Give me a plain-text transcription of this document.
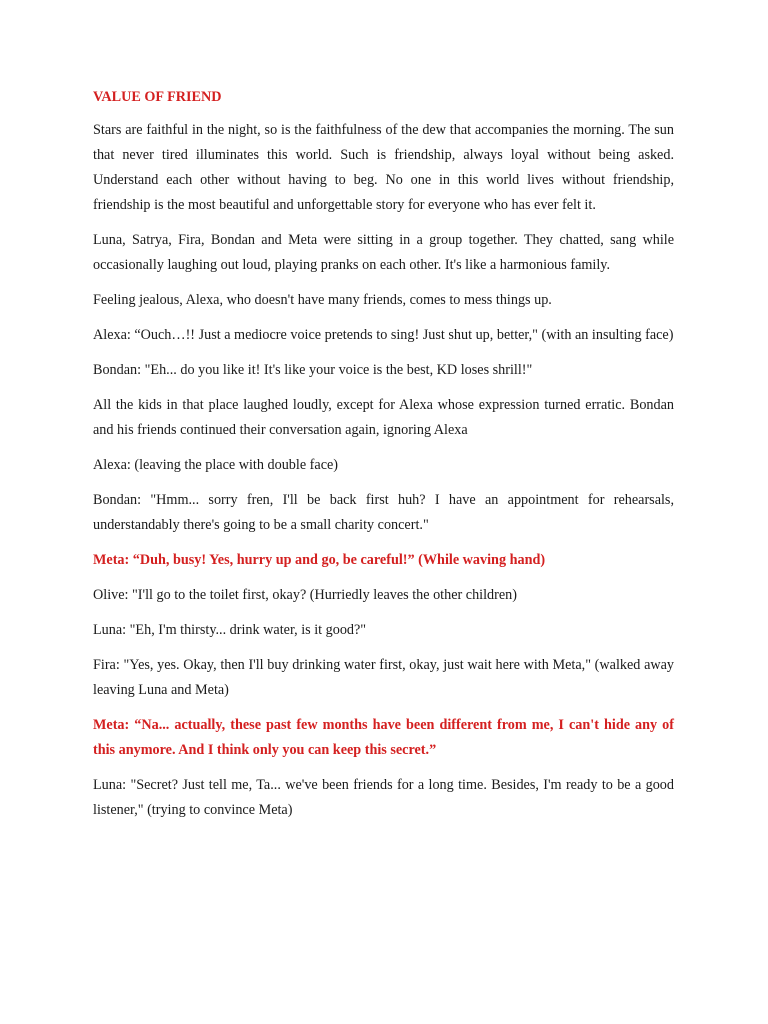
VALUE OF FRIEND

Stars are faithful in the night, so is the faithfulness of the dew that accompanies the morning. The sun that never tired illuminates this world. Such is friendship, always loyal without being asked. Understand each other without having to beg. No one in this world lives without friendship, friendship is the most beautiful and unforgettable story for everyone who has ever felt it.

Luna, Satrya, Fira, Bondan and Meta were sitting in a group together. They chatted, sang while occasionally laughing out loud, playing pranks on each other. It's like a harmonious family.

Feeling jealous, Alexa, who doesn't have many friends, comes to mess things up.

Alexa: “Ouch…!! Just a mediocre voice pretends to sing! Just shut up, better," (with an insulting face)

Bondan: "Eh... do you like it! It's like your voice is the best, KD loses shrill!"

All the kids in that place laughed loudly, except for Alexa whose expression turned erratic. Bondan and his friends continued their conversation again, ignoring Alexa

Alexa: (leaving the place with double face)

Bondan: "Hmm... sorry fren, I'll be back first huh? I have an appointment for rehearsals, understandably there's going to be a small charity concert."

Meta: “Duh, busy! Yes, hurry up and go, be careful!” (While waving hand)

Olive: "I'll go to the toilet first, okay? (Hurriedly leaves the other children)

Luna: "Eh, I'm thirsty... drink water, is it good?"

Fira: "Yes, yes. Okay, then I'll buy drinking water first, okay, just wait here with Meta," (walked away leaving Luna and Meta)

Meta: “Na... actually, these past few months have been different from me, I can't hide any of this anymore. And I think only you can keep this secret.”

Luna: "Secret? Just tell me, Ta... we've been friends for a long time. Besides, I'm ready to be a good listener," (trying to convince Meta)
